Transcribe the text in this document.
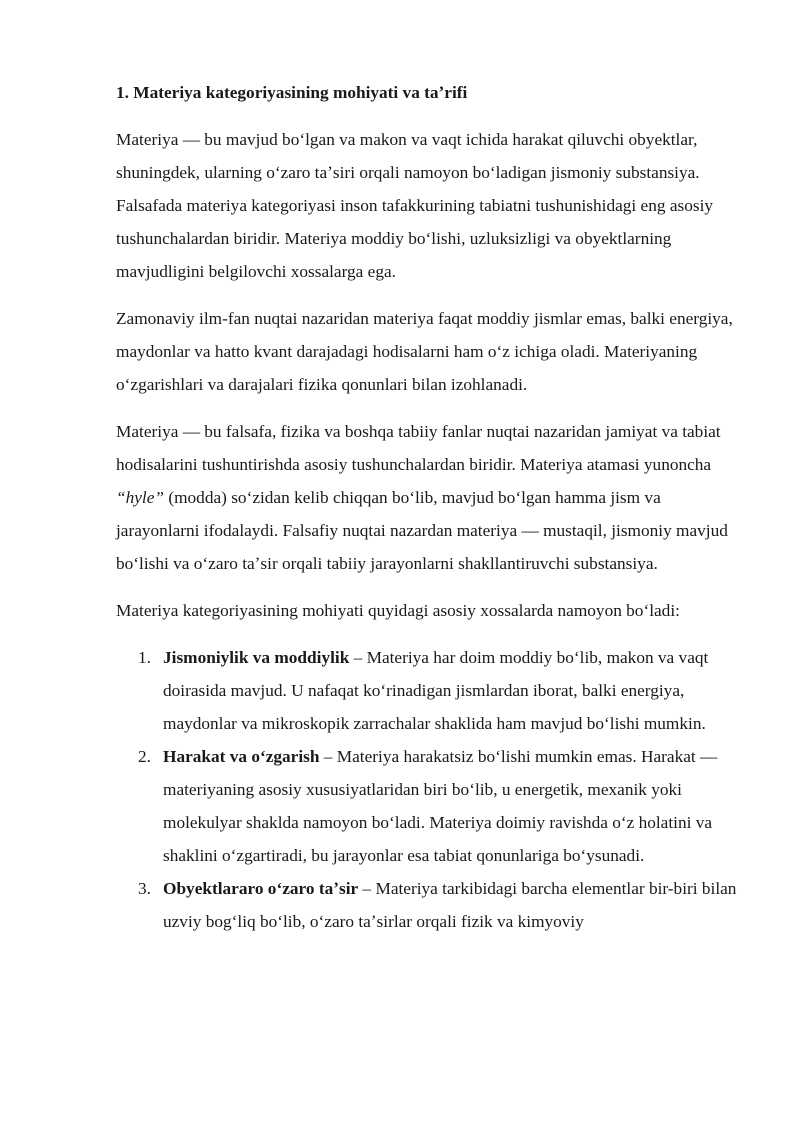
1. Materiya kategoriyasining mohiyati va taʼrifi

Materiya — bu mavjud boʻlgan va makon va vaqt ichida harakat qiluvchi obyektlar, shuningdek, ularning oʻzaro taʼsiri orqali namoyon boʻladigan jismoniy substansiya. Falsafada materiya kategoriyasi inson tafakkurining tabiatni tushunishidagi eng asosiy tushunchalardan biridir. Materiya moddiy boʻlishi, uzluksizligi va obyektlarning mavjudligini belgilovchi xossalarga ega.

Zamonaviy ilm-fan nuqtai nazaridan materiya faqat moddiy jismlar emas, balki energiya, maydonlar va hatto kvant darajadagi hodisalarni ham oʻz ichiga oladi. Materiyaning oʻzgarishlari va darajalari fizika qonunlari bilan izohlanadi.

Materiya — bu falsafa, fizika va boshqa tabiiy fanlar nuqtai nazaridan jamiyat va tabiat hodisalarini tushuntirishda asosiy tushunchalardan biridir. Materiya atamasi yunoncha “hyle” (modda) soʻzidan kelib chiqqan boʻlib, mavjud boʻlgan hamma jism va jarayonlarni ifodalaydi. Falsafiy nuqtai nazardan materiya — mustaqil, jismoniy mavjud boʻlishi va oʻzaro taʼsir orqali tabiiy jarayonlarni shakllantiruvchi substansiya.

Materiya kategoriyasining mohiyati quyidagi asosiy xossalarda namoyon boʻladi:

1. Jismoniylik va moddiylik – Materiya har doim moddiy boʻlib, makon va vaqt doirasida mavjud. U nafaqat koʻrinadigan jismlardan iborat, balki energiya, maydonlar va mikroskopik zarrachalar shaklida ham mavjud boʻlishi mumkin.
2. Harakat va oʻzgarish – Materiya harakatsiz boʻlishi mumkin emas. Harakat — materiyaning asosiy xususiyatlaridan biri boʻlib, u energetik, mexanik yoki molekulyar shaklda namoyon boʻladi. Materiya doimiy ravishda oʻz holatini va shaklini oʻzgartiradi, bu jarayonlar esa tabiat qonunlariga boʻysunadi.
3. Obyektlararo oʻzaro taʼsir – Materiya tarkibidagi barcha elementlar bir-biri bilan uzviy bogʻliq boʻlib, oʻzaro taʼsirlar orqali fizik va kimyoviy
